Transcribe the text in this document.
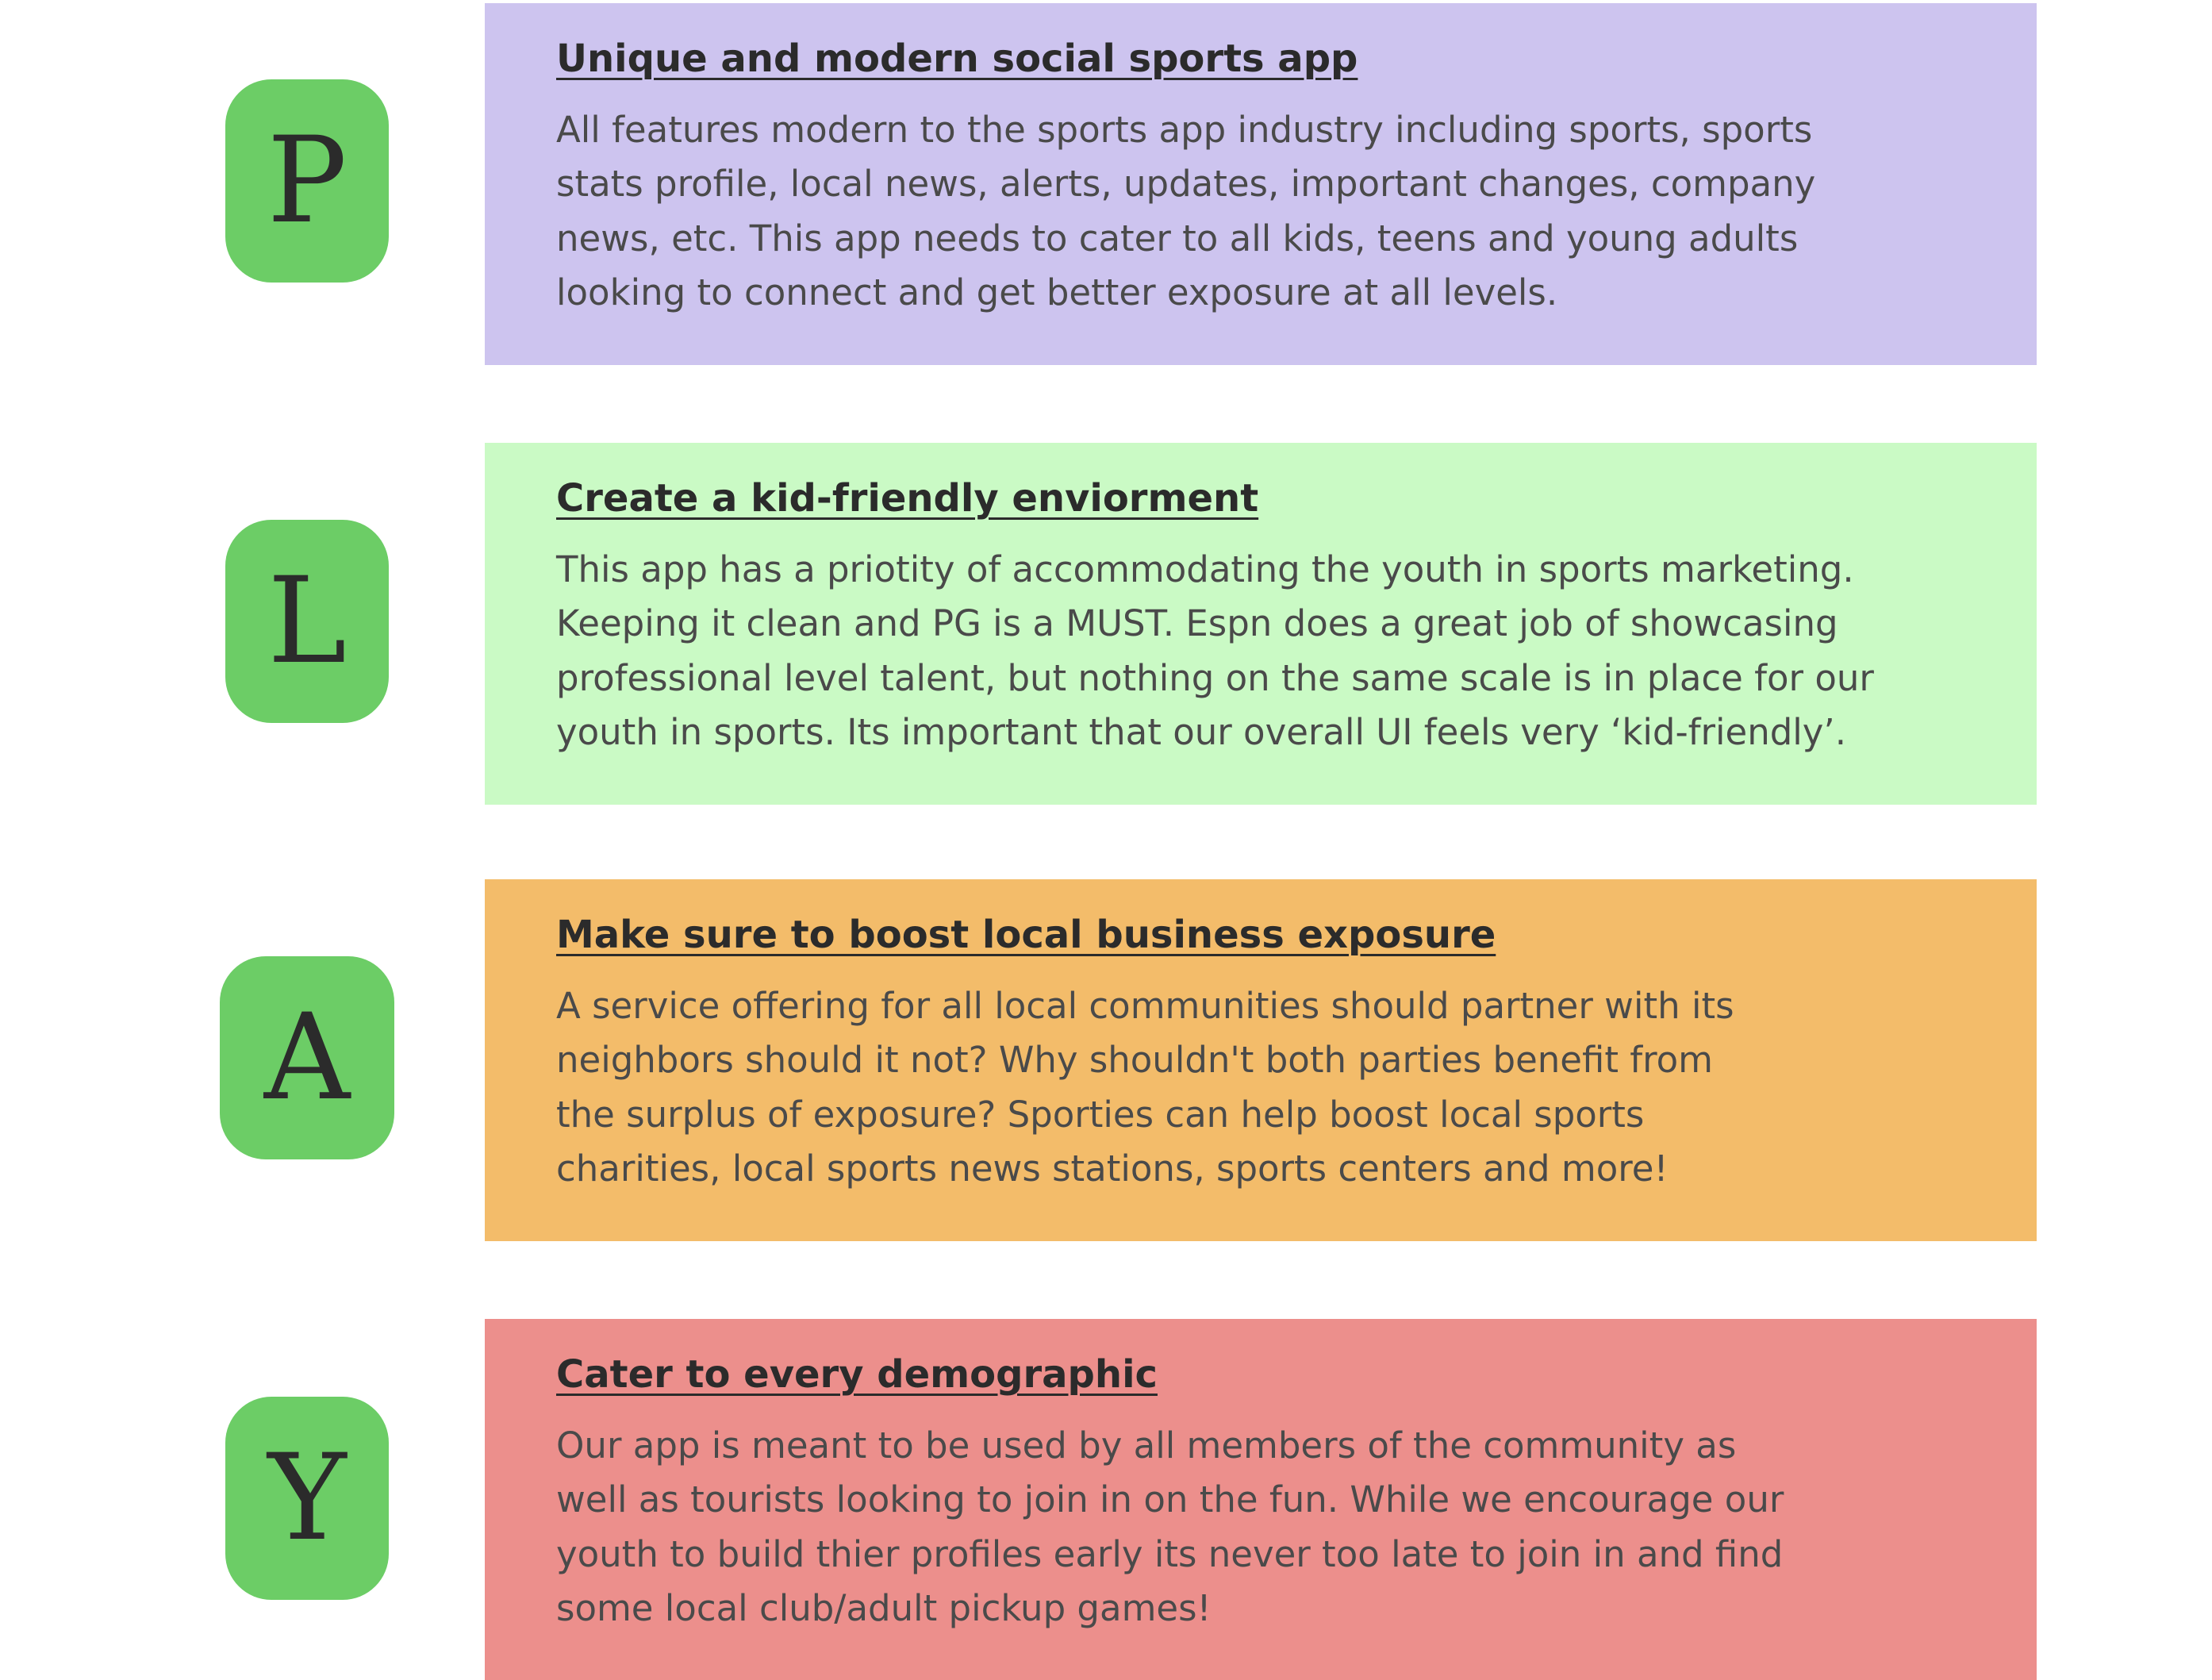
P
Unique and modern social sports app

All features modern to the sports app industry including sports, sports
stats profile, local news, alerts, updates, important changes, company
news, etc. This app needs to cater to all kids, teens and young adults
looking to connect and get better exposure at all levels.

L
Create a kid-friendly enviorment

This app has a priotity of accommodating the youth in sports marketing.
Keeping it clean and PG is a MUST. Espn does a great job of showcasing
professional level talent, but nothing on the same scale is in place for our
youth in sports. Its important that our overall UI feels very ‘kid-friendly’.

A
Make sure to boost local business exposure

A service offering for all local communities should partner with its
neighbors should it not? Why shouldn't both parties benefit from
the surplus of exposure? Sporties can help boost local sports
charities, local sports news stations, sports centers and more!

Y
Cater to every demographic

Our app is meant to be used by all members of the community as
well as tourists looking to join in on the fun. While we encourage our
youth to build thier profiles early its never too late to join in and find
some local club/adult pickup games!
